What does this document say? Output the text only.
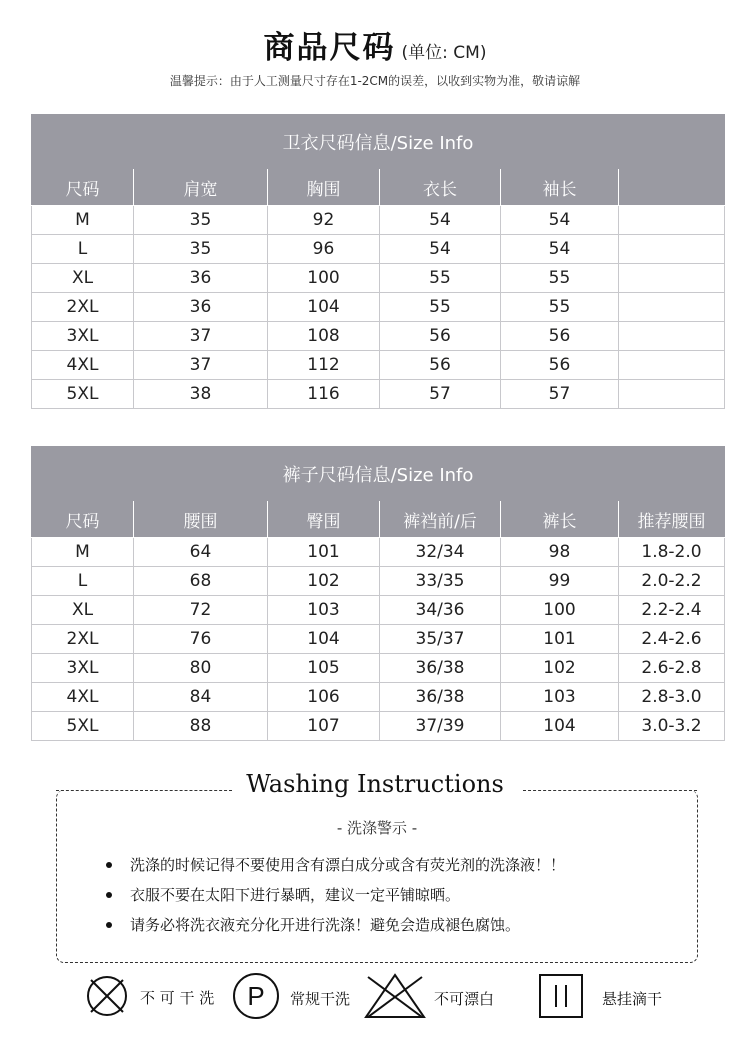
商品尺码 (单位: CM)
温馨提示：由于人工测量尺寸存在1-2CM的误差，以收到实物为准，敬请谅解
卫衣尺码信息/Size Info					
尺码	肩宽	胸围	衣长	袖长	
M	35	92	54	54	
L	35	96	54	54	
XL	36	100	55	55	
2XL	36	104	55	55	
3XL	37	108	56	56	
4XL	37	112	56	56	
5XL	38	116	57	57	
裤子尺码信息/Size Info					
尺码	腰围	臀围	裤裆前/后	裤长	推荐腰围
M	64	101	32/34	98	1.8-2.0
L	68	102	33/35	99	2.0-2.2
XL	72	103	34/36	100	2.2-2.4
2XL	76	104	35/37	101	2.4-2.6
3XL	80	105	36/38	102	2.6-2.8
4XL	84	106	36/38	103	2.8-3.0
5XL	88	107	37/39	104	3.0-3.2
Washing Instructions
- 洗涤警示 -
洗涤的时候记得不要使用含有漂白成分或含有荧光剂的洗涤液！！
衣服不要在太阳下进行暴晒，建议一定平铺晾晒。
请务必将洗衣液充分化开进行洗涤！避免会造成褪色腐蚀。
不 可 干 洗 P 常规干洗	不可漂白	悬挂滴干
